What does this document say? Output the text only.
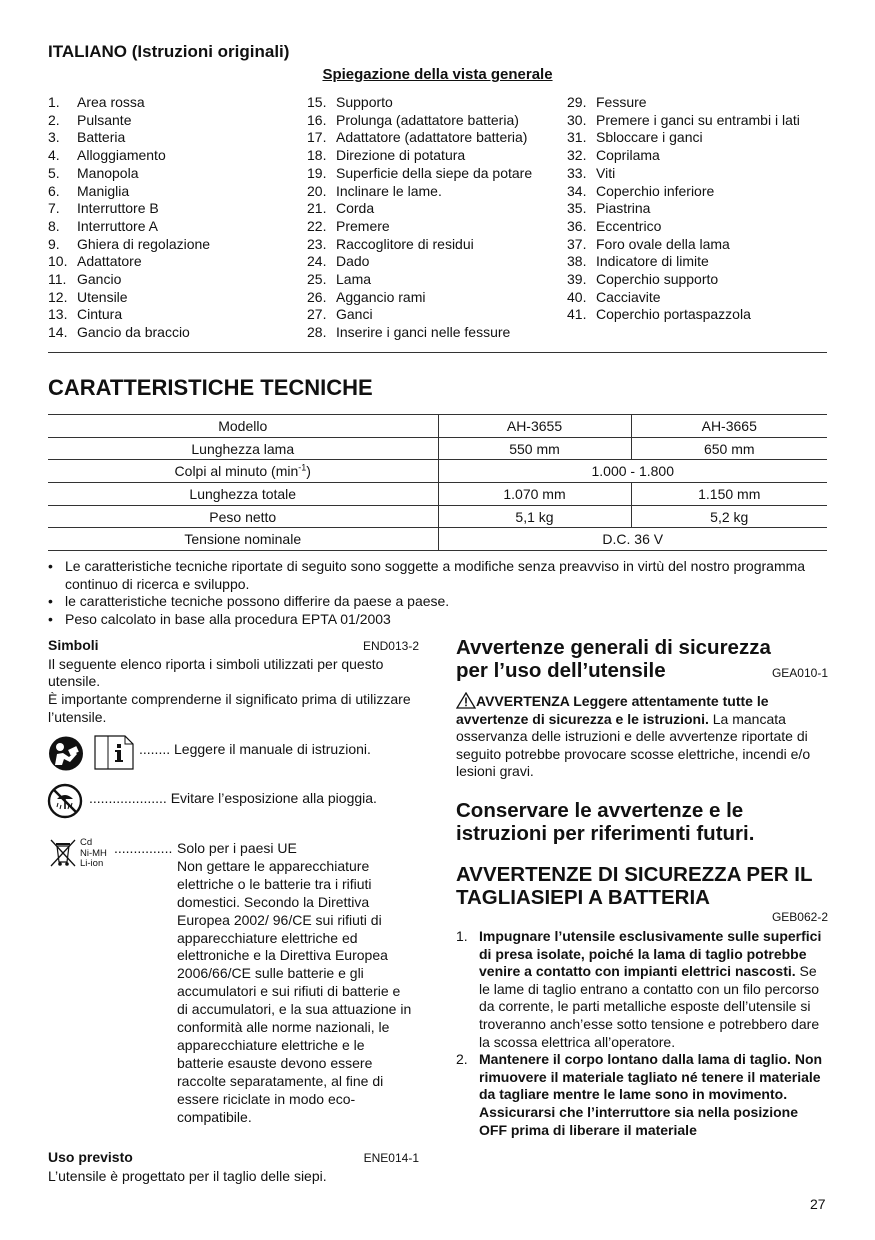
ITALIANO (Istruzioni originali)
Spiegazione della vista generale
1.	Area rossa
2.	Pulsante
3.	Batteria
4.	Alloggiamento
5.	Manopola
6.	Maniglia
7.	Interruttore B
8.	Interruttore A
9.	Ghiera di regolazione
10. Adattatore
11. Gancio
12. Utensile
13. Cintura
14. Gancio da braccio
15. Supporto
16. Prolunga (adattatore batteria)
17. Adattatore (adattatore batteria)
18. Direzione di potatura
19. Superficie della siepe da potare
20. Inclinare le lame.
21. Corda
22. Premere
23. Raccoglitore di residui
24. Dado
25. Lama
26. Aggancio rami
27. Ganci
28. Inserire i ganci nelle fessure
29. Fessure
30. Premere i ganci su entrambi i lati
31. Sbloccare i ganci
32. Coprilama
33. Viti
34. Coperchio inferiore
35. Piastrina
36. Eccentrico
37. Foro ovale della lama
38. Indicatore di limite
39. Coperchio supporto
40. Cacciavite
41. Coperchio portaspazzola
CARATTERISTICHE TECNICHE
Modello	AH-3655	AH-3665
Lunghezza lama	550 mm	650 mm
Colpi al minuto $(\min^{-1})$	1.000 - 1.800	
Lunghezza totale	1.070 mm	1.150 mm
Peso netto	5,1 kg	5,2 kg
Tensione nominale	D.C. 36 V	
• Le caratteristiche tecniche riportate di seguito sono soggette a modifiche senza preavviso in virtù del nostro programma continuo di ricerca e sviluppo.
• le caratteristiche tecniche possono differire da paese a paese.
• Peso calcolato in base alla procedura EPTA 01/2003
Simboli	END013-2

Il seguente elenco riporta i simboli utilizzati per questo utensile.

È importante comprenderne il significato prima di utilizzare l’utensile.

........ Leggere il manuale di istruzioni.
.................... Evitare l’esposizione alla pioggia.
Cd
Ni-MH
Li-ion
............... Solo per i paesi UE
Non gettare le apparecchiature elettriche o le batterie tra i rifiuti domestici. Secondo la Direttiva Europea 2002/ 96/CE sui rifiuti di apparecchiature elettriche ed elettroniche e la Direttiva Europea 2006/66/CE sulle batterie e gli accumulatori e sui rifiuti di batterie e di accumulatori, e la sua attuazione in conformità alle norme nazionali, le apparecchiature elettriche e le batterie esauste devono essere raccolte separatamente, al fine di essere riciclate in modo eco-compatibile.
Uso previsto	ENE014-1

L’utensile è progettato per il taglio delle siepi.

Avvertenze generali di sicurezza
per l’uso dell’utensile	GEA010-1

AVVERTENZA Leggere attentamente tutte le avvertenze di sicurezza e le istruzioni. La mancata osservanza delle istruzioni e delle avvertenze riportate di seguito potrebbe provocare scosse elettriche, incendi e/o lesioni gravi.

Conservare le avvertenze e le istruzioni per riferimenti futuri.
AVVERTENZE DI SICUREZZA PER IL TAGLIASIEPI A BATTERIA
GEB062-2
1. Impugnare l’utensile esclusivamente sulle superfici di presa isolate, poiché la lama di taglio potrebbe venire a contatto con impianti elettrici nascosti. Se le lame di taglio entrano a contatto con un filo percorso da corrente, le parti metalliche esposte dell’utensile si troveranno anch’esse sotto tensione e potrebbero dare la scossa elettrica all’operatore.
2. Mantenere il corpo lontano dalla lama di taglio. Non rimuovere il materiale tagliato né tenere il materiale da tagliare mentre le lame sono in movimento. Assicurarsi che l’interruttore sia nella posizione OFF prima di liberare il materiale
27
